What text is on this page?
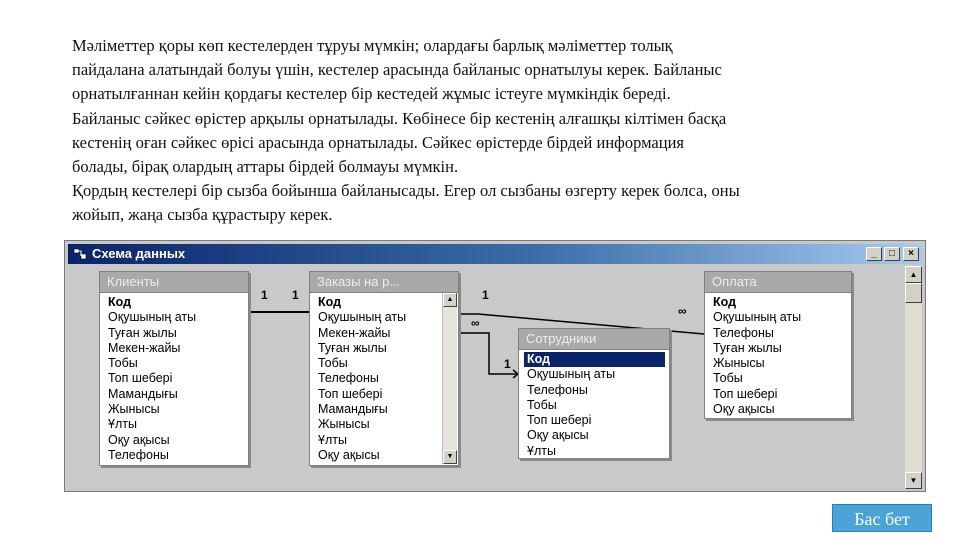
Мәліметтер қоры көп кестелерден тұруы мүмкін; олардағы барлық мәліметтер толық
пайдалана алатындай болуы үшін, кестелер арасында байланыс орнатылуы керек. Байланыс
орнатылғаннан кейін қордағы кестелер бір кестедей жұмыс істеуге мүмкіндік береді.
Байланыс сәйкес өрістер арқылы орнатылады. Көбінесе бір кестенің алғашқы кілтімен басқа
кестенің оған сәйкес өрісі арасында орнатылады. Сәйкес өрістерде бірдей информация
болады, бірақ олардың аттары бірдей болмауы мүмкін.
Қордың кестелері бір сызба бойынша байланысады. Егер ол сызбаны өзгерту керек болса, оны
жойып, жаңа сызба құрастыру керек.
Схема данных	_	□	×
1 1	1
∞
∞
1
Клиенты
Код
Оқушының аты
Туған жылы
Мекен-жайы
Тобы
Топ шебері
Мамандығы
Жынысы
Ұлты
Оқу ақысы
Телефоны
Заказы на р...
Код
Оқушының аты
Мекен-жайы
Туған жылы
Тобы
Телефоны
Топ шебері
Мамандығы
Жынысы
Ұлты
Оқу ақысы
▲
▼
Сотрудники
Код
Оқушының аты
Телефоны
Тобы
Топ шебері
Оқу ақысы
Ұлты
Оплата
Код
Оқушының аты
Телефоны
Туған жылы
Жынысы
Тобы
Топ шебері
Оқу ақысы
▲
▼
Бас бет
